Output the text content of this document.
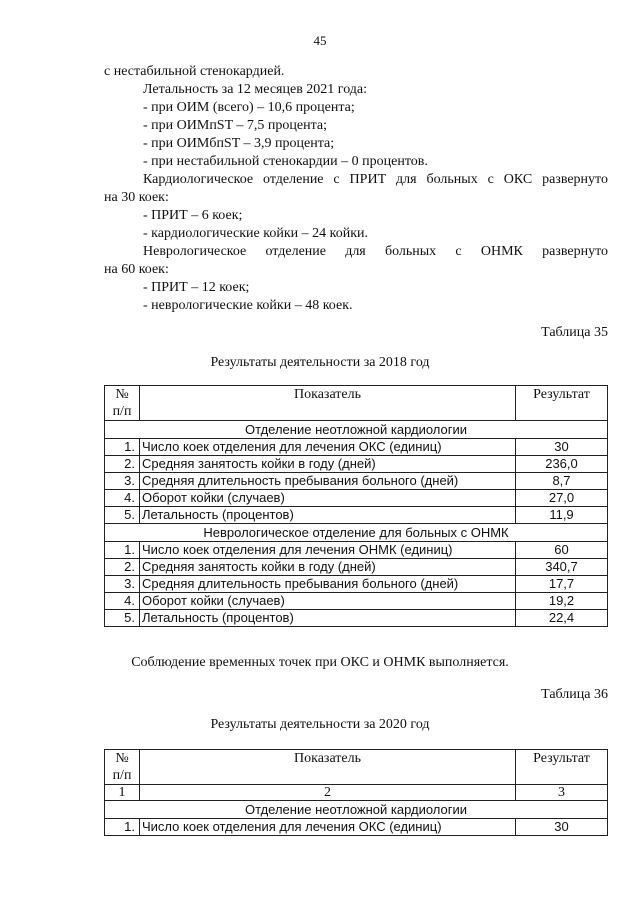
45
с нестабильной стенокардией.
Летальность за 12 месяцев 2021 года:
- при ОИМ (всего) – 10,6 процента;
- при ОИМпST – 7,5 процента;
- при ОИМбпST – 3,9 процента;
- при нестабильной стенокардии – 0 процентов.
Кардиологическое отделение с ПРИТ для больных с ОКС развернуто
на 30 коек:
- ПРИТ – 6 коек;
- кардиологические койки – 24 койки.
Неврологическое отделение для больных с ОНМК развернуто
на 60 коек:
- ПРИТ – 12 коек;
- неврологические койки – 48 коек.
Таблица 35
Результаты деятельности за 2018 год
№
п/п	Показатель	Результат
Отделение неотложной кардиологии		
1.	Число коек отделения для лечения ОКС (единиц)	30
2.	Средняя занятость койки в году (дней)	236,0
3.	Средняя длительность пребывания больного (дней)	8,7
4.	Оборот койки (случаев)	27,0
5.	Летальность (процентов)	11,9
Неврологическое отделение для больных с ОНМК		
1.	Число коек отделения для лечения ОНМК (единиц)	60
2.	Средняя занятость койки в году (дней)	340,7
3.	Средняя длительность пребывания больного (дней)	17,7
4.	Оборот койки (случаев)	19,2
5.	Летальность (процентов)	22,4
Соблюдение временных точек при ОКС и ОНМК выполняется.
Таблица 36
Результаты деятельности за 2020 год
№
п/п	Показатель	Результат
1	2	3
Отделение неотложной кардиологии		
1.	Число коек отделения для лечения ОКС (единиц)	30
